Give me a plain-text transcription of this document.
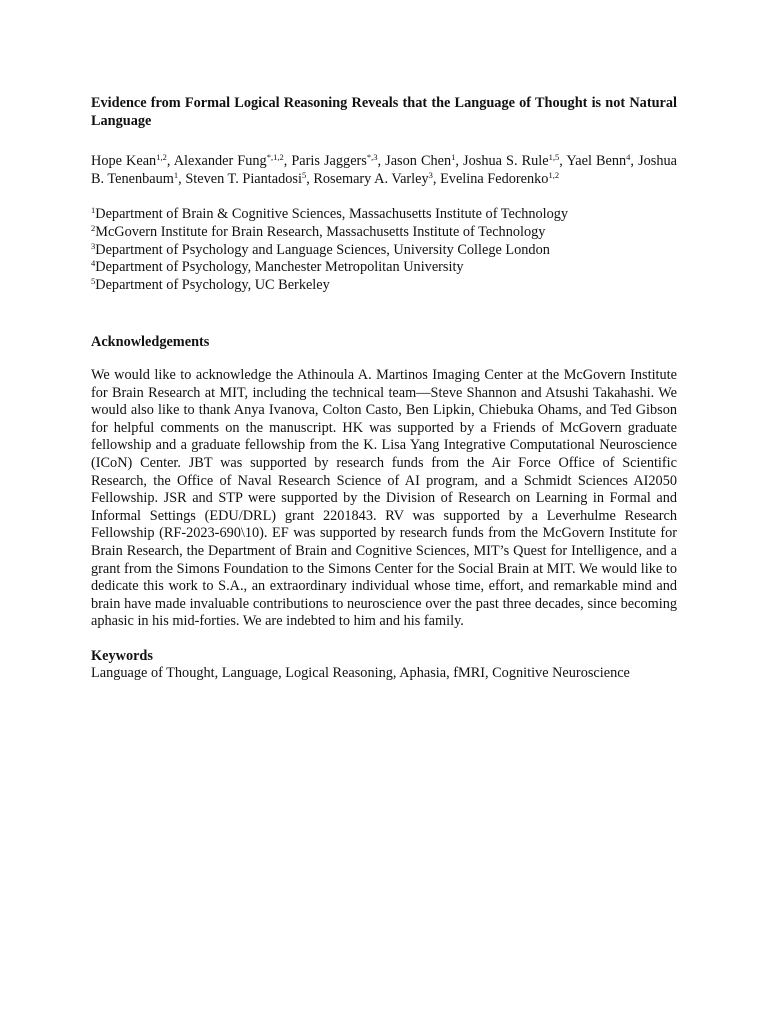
Evidence from Formal Logical Reasoning Reveals that the Language of Thought is not Natural Language
Hope Kean$^{1,2}$, Alexander Fung$^{*,1,2}$, Paris Jaggers$^{*,3}$, Jason Chen$^1$, Joshua S. Rule$^{1,5}$, Yael Benn$^4$, Joshua B. Tenenbaum$^1$, Steven T. Piantadosi$^5$, Rosemary A. Varley$^3$, Evelina Fedorenko$^{1,2}$
$^1$Department of Brain & Cognitive Sciences, Massachusetts Institute of Technology
$^2$McGovern Institute for Brain Research, Massachusetts Institute of Technology
$^3$Department of Psychology and Language Sciences, University College London
$^4$Department of Psychology, Manchester Metropolitan University
$^5$Department of Psychology, UC Berkeley
Acknowledgements

We would like to acknowledge the Athinoula A. Martinos Imaging Center at the McGovern Institute for Brain Research at MIT, including the technical team—Steve Shannon and Atsushi Takahashi. We would also like to thank Anya Ivanova, Colton Casto, Ben Lipkin, Chiebuka Ohams, and Ted Gibson for helpful comments on the manuscript. HK was supported by a Friends of McGovern graduate fellowship and a graduate fellowship from the K. Lisa Yang Integrative Computational Neuroscience (ICoN) Center. JBT was supported by research funds from the Air Force Office of Scientific Research, the Office of Naval Research Science of AI program, and a Schmidt Sciences AI2050 Fellowship. JSR and STP were supported by the Division of Research on Learning in Formal and Informal Settings (EDU/DRL) grant 2201843. RV was supported by a Leverhulme Research Fellowship (RF-2023-690\10). EF was supported by research funds from the McGovern Institute for Brain Research, the Department of Brain and Cognitive Sciences, MIT’s Quest for Intelligence, and a grant from the Simons Foundation to the Simons Center for the Social Brain at MIT. We would like to dedicate this work to S.A., an extraordinary individual whose time, effort, and remarkable mind and brain have made invaluable contributions to neuroscience over the past three decades, since becoming aphasic in his mid-forties. We are indebted to him and his family.

Keywords
Language of Thought, Language, Logical Reasoning, Aphasia, fMRI, Cognitive Neuroscience
